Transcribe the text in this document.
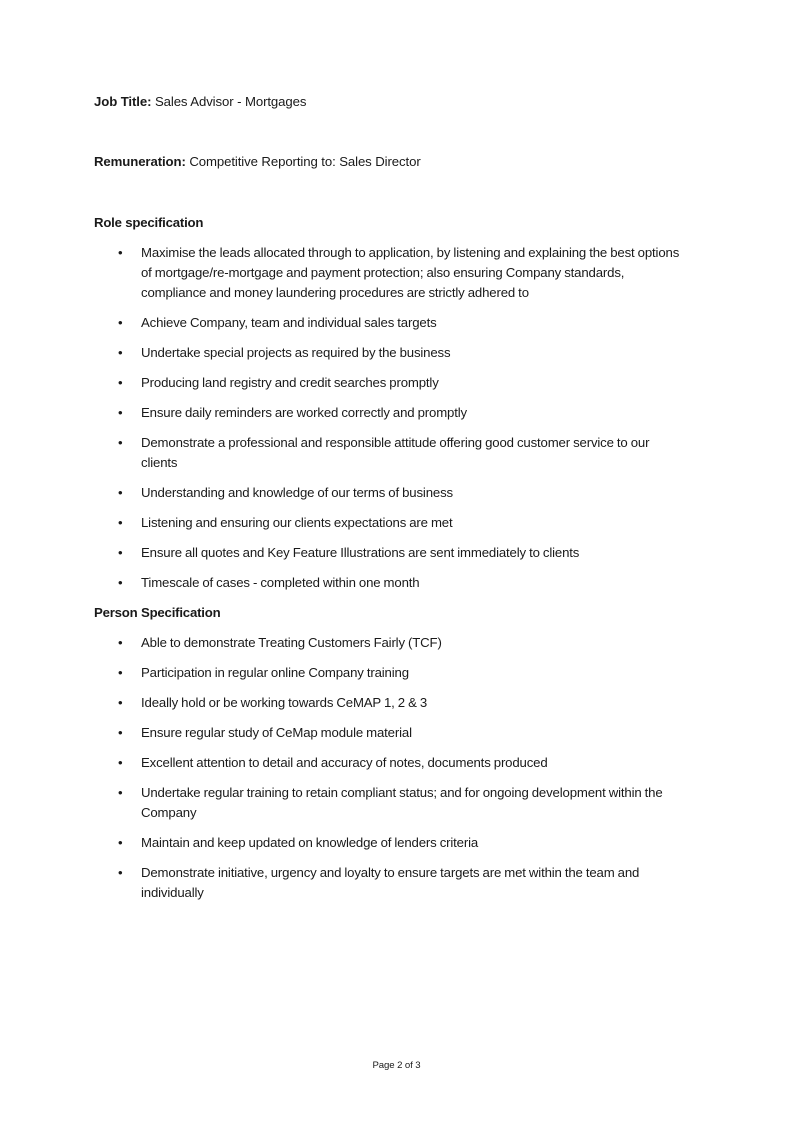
Job Title: Sales Advisor - Mortgages

Remuneration: Competitive Reporting to: Sales Director

Role specification
•	Maximise the leads allocated through to application, by listening and explaining the best options of mortgage/re-mortgage and payment protection; also ensuring Company standards, compliance and money laundering procedures are strictly adhered to
•	Achieve Company, team and individual sales targets
•	Undertake special projects as required by the business
•	Producing land registry and credit searches promptly
•	Ensure daily reminders are worked correctly and promptly
•	Demonstrate a professional and responsible attitude offering good customer service to our clients
•	Understanding and knowledge of our terms of business
•	Listening and ensuring our clients expectations are met
•	Ensure all quotes and Key Feature Illustrations are sent immediately to clients
•	Timescale of cases - completed within one month
Person Specification
•	Able to demonstrate Treating Customers Fairly (TCF)
•	Participation in regular online Company training
•	Ideally hold or be working towards CeMAP 1, 2 & 3
•	Ensure regular study of CeMap module material
•	Excellent attention to detail and accuracy of notes, documents produced
•	Undertake regular training to retain compliant status; and for ongoing development within the Company
•	Maintain and keep updated on knowledge of lenders criteria
•	Demonstrate initiative, urgency and loyalty to ensure targets are met within the team and individually
Page 2 of 3
